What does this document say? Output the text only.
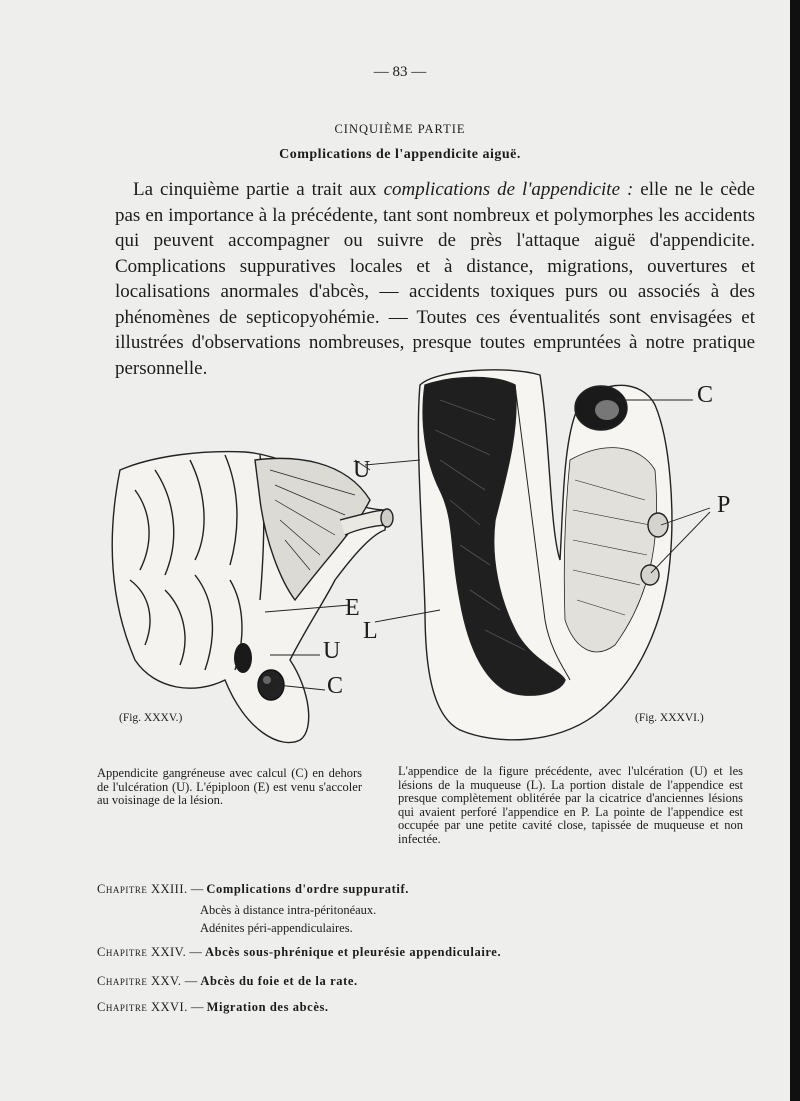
— 83 —
CINQUIÈME PARTIE
Complications de l'appendicite aiguë.
La cinquième partie a trait aux complications de l'appendicite : elle ne le cède pas en importance à la précédente, tant sont nombreux et polymorphes les accidents qui peuvent accompagner ou suivre de près l'attaque aiguë d'appendicite. Complications suppuratives locales et à distance, migrations, ouvertures et localisations anormales d'abcès, — accidents toxiques purs ou associés à des phénomènes de septicopyohémie. — Toutes ces éventualités sont envisagées et illustrées d'observations nombreuses, presque toutes empruntées à notre pratique personnelle.
U
E
U
C
L
C
P
(Fig. XXXV.)	(Fig. XXXVI.)
Appendicite gangréneuse avec calcul (C) en dehors de l'ulcération (U). L'épiploon (E) est venu s'accoler au voisinage de la lésion.
L'appendice de la figure précédente, avec l'ulcération (U) et les lésions de la muqueuse (L). La portion distale de l'appendice est presque complètement oblitérée par la cicatrice d'anciennes lésions qui avaient perforé l'appendice en P. La pointe de l'appendice est occupée par une petite cavité close, tapissée de muqueuse et non infectée.
Chapitre XXIII. — Complications d'ordre suppuratif.
Abcès à distance intra-péritonéaux.
Adénites péri-appendiculaires.
Chapitre XXIV. — Abcès sous-phrénique et pleurésie appendiculaire.
Chapitre XXV. — Abcès du foie et de la rate.
Chapitre XXVI. — Migration des abcès.
